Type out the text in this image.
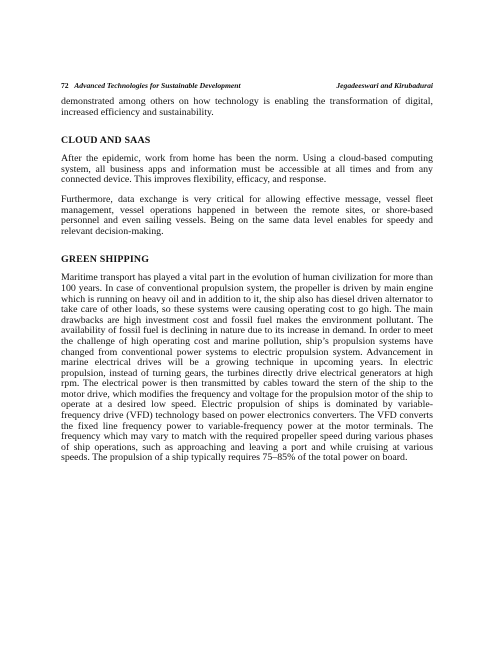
72 Advanced Technologies for Sustainable Development	Jegadeeswari and Kirubadurai

demonstrated among others on how technology is enabling the transformation of digital, increased efficiency and sustainability.

CLOUD AND SAAS

After the epidemic, work from home has been the norm. Using a cloud-based computing system, all business apps and information must be accessible at all times and from any connected device. This improves flexibility, efficacy, and response.

Furthermore, data exchange is very critical for allowing effective message, vessel fleet management, vessel operations happened in between the remote sites, or shore-based personnel and even sailing vessels. Being on the same data level enables for speedy and relevant decision-making.

GREEN SHIPPING

Maritime transport has played a vital part in the evolution of human civilization for more than 100 years. In case of conventional propulsion system, the propeller is driven by main engine which is running on heavy oil and in addition to it, the ship also has diesel driven alternator to take care of other loads, so these systems were causing operating cost to go high. The main drawbacks are high investment cost and fossil fuel makes the environment pollutant. The availability of fossil fuel is declining in nature due to its increase in demand. In order to meet the challenge of high operating cost and marine pollution, ship’s propulsion systems have changed from conventional power systems to electric propulsion system. Advancement in marine electrical drives will be a growing technique in upcoming years. In electric propulsion, instead of turning gears, the turbines directly drive electrical generators at high rpm. The electrical power is then transmitted by cables toward the stern of the ship to the motor drive, which modifies the frequency and voltage for the propulsion motor of the ship to operate at a desired low speed. Electric propulsion of ships is dominated by variable-frequency drive (VFD) technology based on power electronics converters. The VFD converts the fixed line frequency power to variable-frequency power at the motor terminals. The frequency which may vary to match with the required propeller speed during various phases of ship operations, such as approaching and leaving a port and while cruising at various speeds. The propulsion of a ship typically requires 75–85% of the total power on board.
